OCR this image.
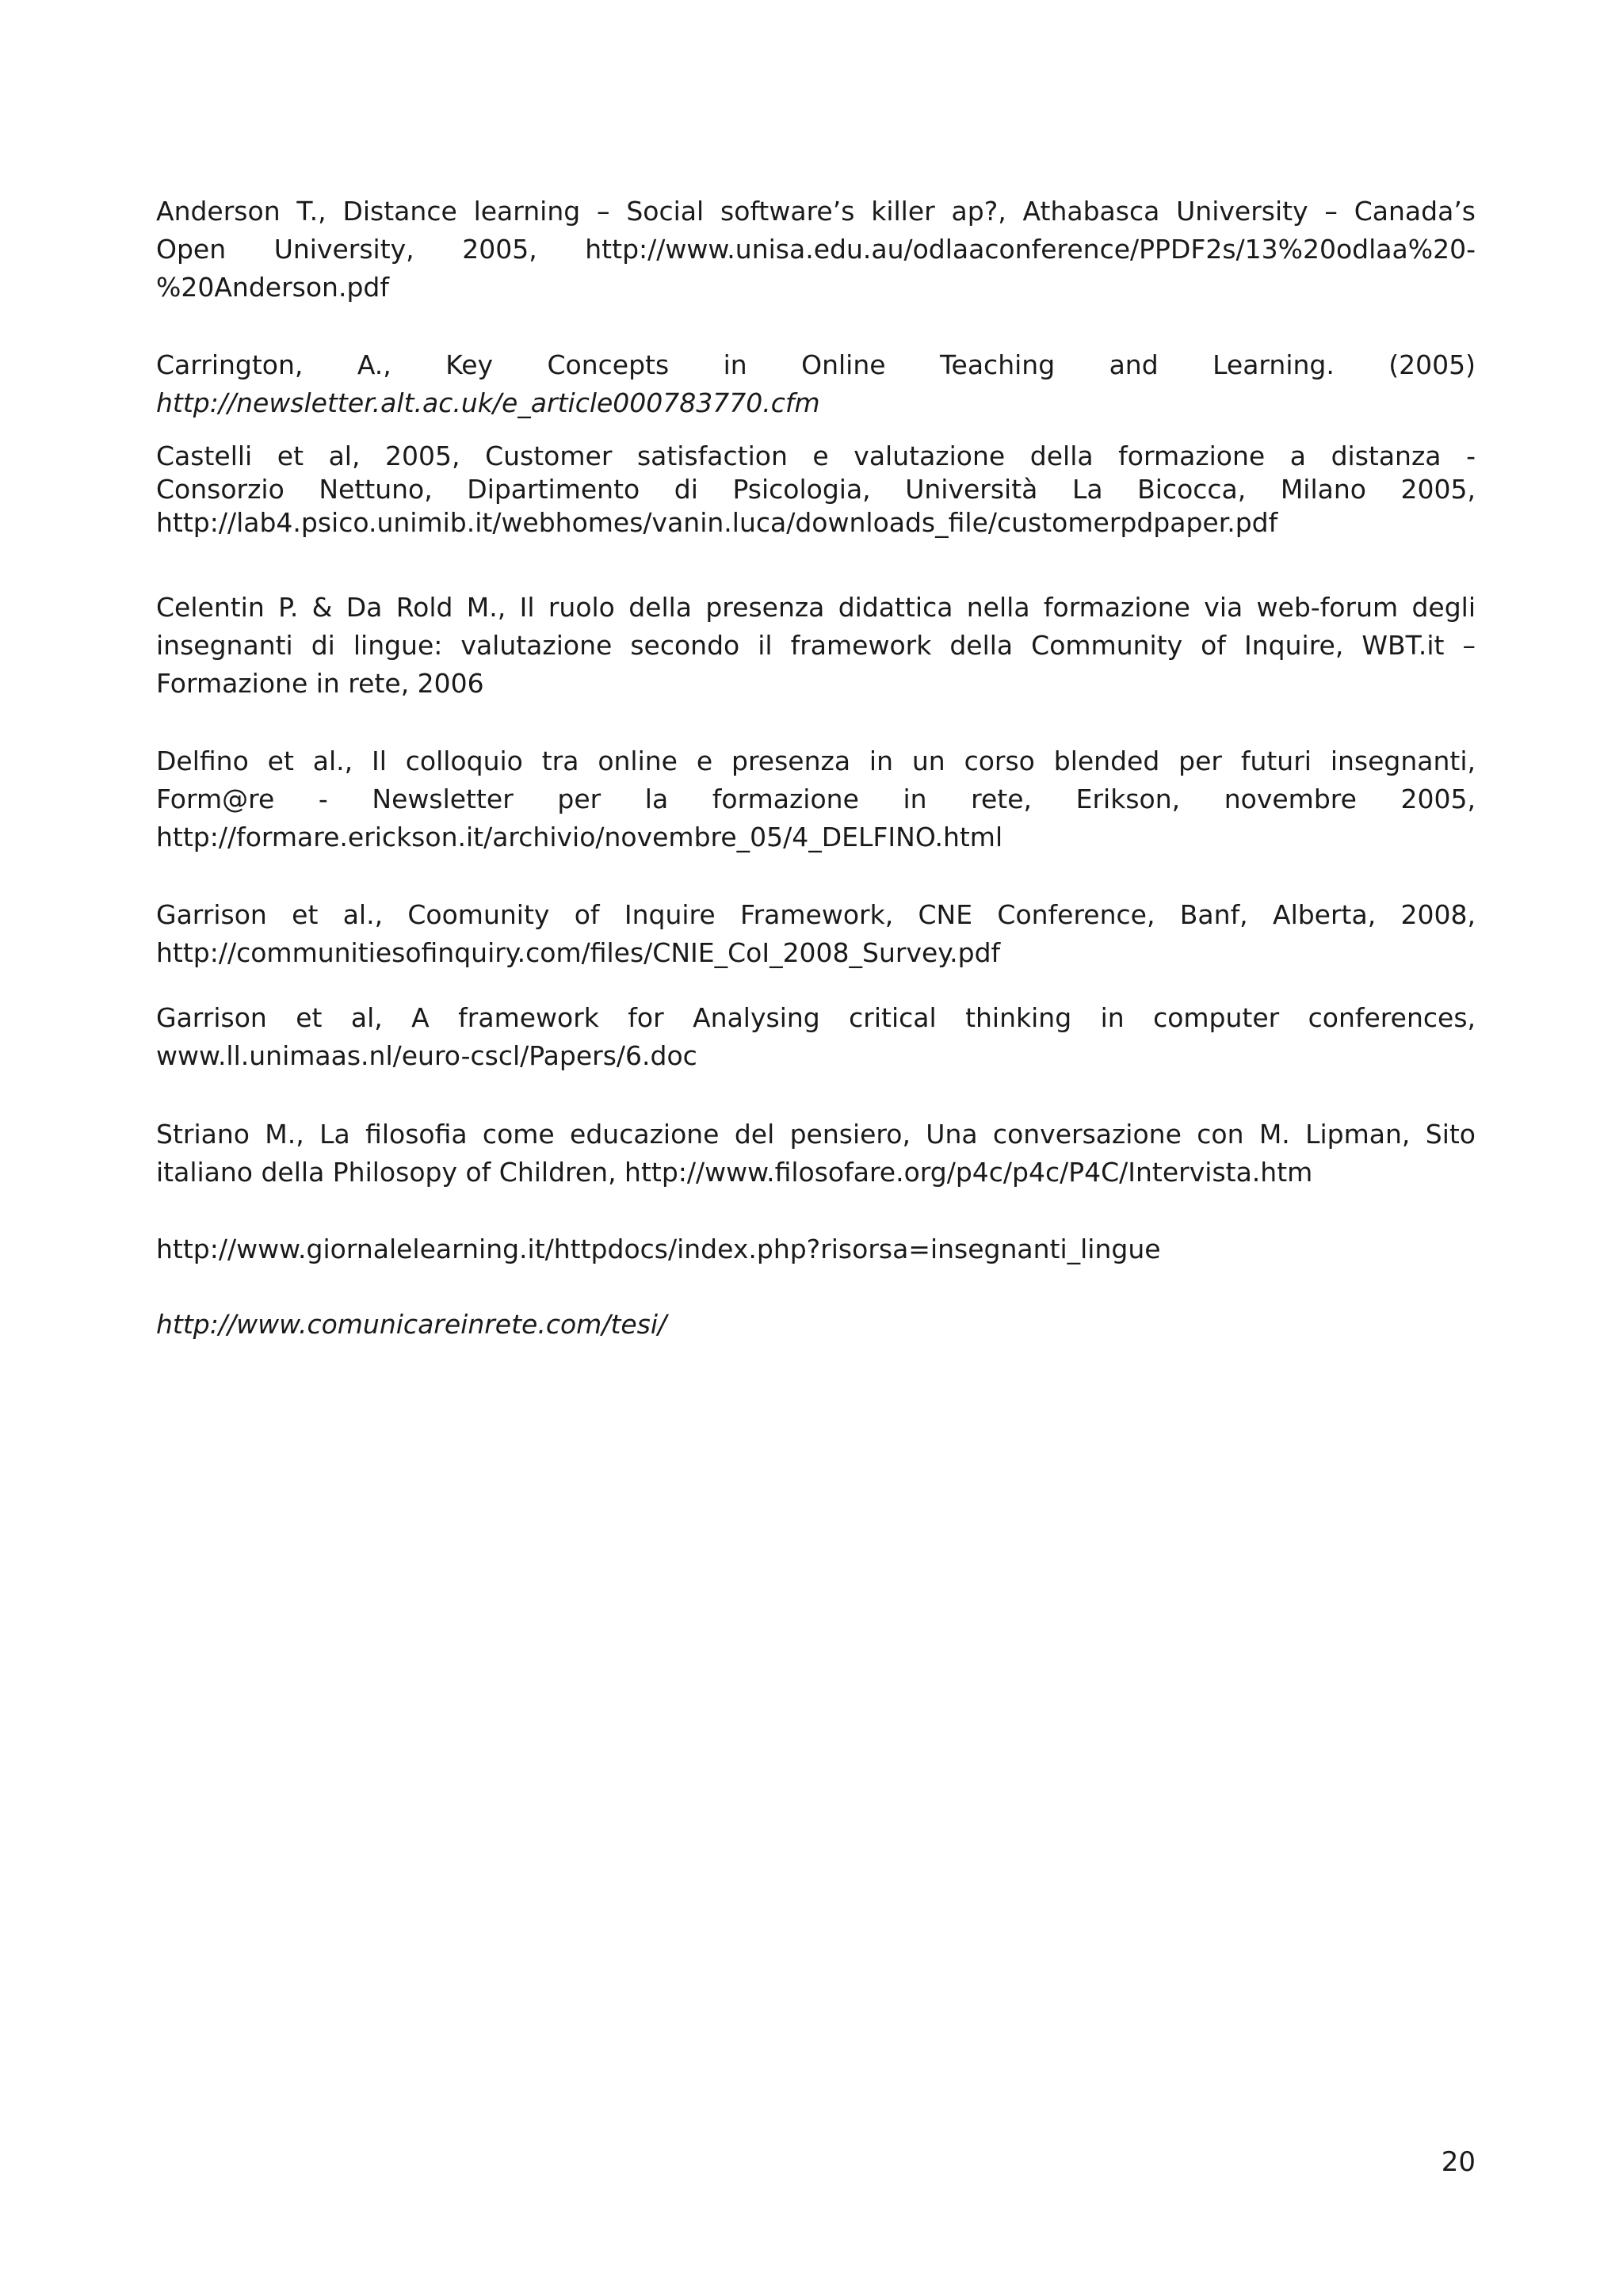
Anderson T., Distance learning – Social software’s killer ap?, Athabasca University – Canada’s
Open University, 2005, http://www.unisa.edu.au/odlaaconference/PPDF2s/13%20odlaa%20-
%20Anderson.pdf

Carrington, A., Key Concepts in Online Teaching and Learning. (2005)
http://newsletter.alt.ac.uk/e_article000783770.cfm

Castelli et al, 2005, Customer satisfaction e valutazione della formazione a distanza -
Consorzio Nettuno, Dipartimento di Psicologia, Università La Bicocca, Milano 2005,
http://lab4.psico.unimib.it/webhomes/vanin.luca/downloads_file/customerpdpaper.pdf

Celentin P. & Da Rold M., Il ruolo della presenza didattica nella formazione via web-forum degli
insegnanti di lingue: valutazione secondo il framework della Community of Inquire, WBT.it –
Formazione in rete, 2006

Delfino et al., Il colloquio tra online e presenza in un corso blended per futuri insegnanti,
Form@re - Newsletter per la formazione in rete, Erikson, novembre 2005,
http://formare.erickson.it/archivio/novembre_05/4_DELFINO.html

Garrison et al., Coomunity of Inquire Framework, CNE Conference, Banf, Alberta, 2008,
http://communitiesofinquiry.com/files/CNIE_CoI_2008_Survey.pdf

Garrison et al, A framework for Analysing critical thinking in computer conferences,
www.ll.unimaas.nl/euro-cscl/Papers/6.doc

Striano M., La filosofia come educazione del pensiero, Una conversazione con M. Lipman, Sito
italiano della Philosopy of Children, http://www.filosofare.org/p4c/p4c/P4C/Intervista.htm

http://www.giornalelearning.it/httpdocs/index.php?risorsa=insegnanti_lingue

http://www.comunicareinrete.com/tesi/

20
